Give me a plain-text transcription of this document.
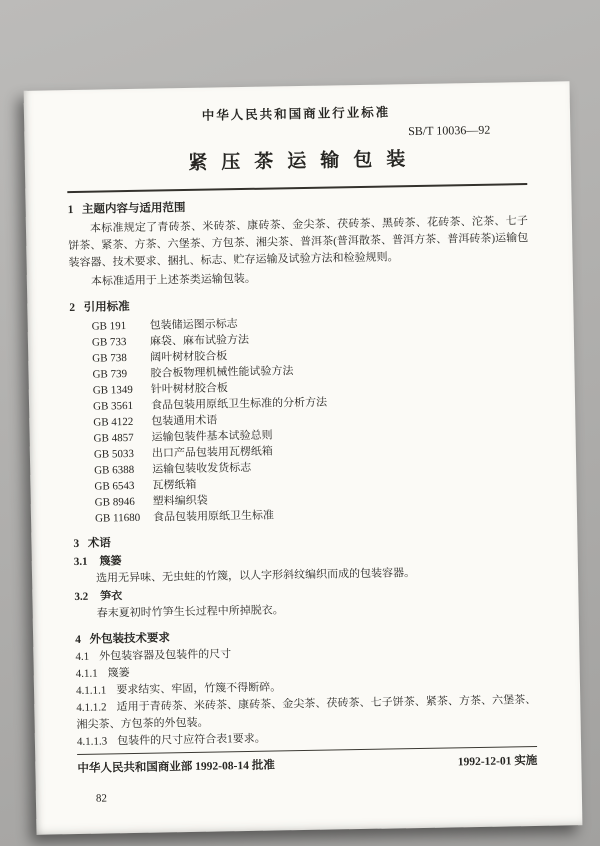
中华人民共和国商业行业标准
SB/T 10036—92
紧压茶运输包装
1   主题内容与适用范围

本标准规定了青砖茶、米砖茶、康砖茶、金尖茶、茯砖茶、黑砖茶、花砖茶、沱茶、七子饼茶、紧茶、方茶、六堡茶、方包茶、湘尖茶、普洱茶(普洱散茶、普洱方茶、普洱砖茶)运输包装容器、技术要求、捆扎、标志、贮存运输及试验方法和检验规则。

本标准适用于上述茶类运输包装。

2   引用标准
GB 191	包装储运图示标志
GB 733	麻袋、麻布试验方法
GB 738	阔叶树材胶合板
GB 739	胶合板物理机械性能试验方法
GB 1349	针叶树材胶合板
GB 3561	食品包装用原纸卫生标准的分析方法
GB 4122	包装通用术语
GB 4857	运输包装件基本试验总则
GB 5033	出口产品包装用瓦楞纸箱
GB 6388	运输包装收发货标志
GB 6543	瓦楞纸箱
GB 8946	塑料编织袋
GB 11680	食品包装用原纸卫生标准
3   术语
3.1 篾篓

选用无异味、无虫蛀的竹篾，以人字形斜纹编织而成的包装容器。

3.2 笋衣

春末夏初时竹笋生长过程中所掉脱衣。

4   外包装技术要求

4.1 外包装容器及包装件的尺寸

4.1.1 篾篓

4.1.1.1 要求结实、牢固，竹篾不得断碎。

4.1.1.2 适用于青砖茶、米砖茶、康砖茶、金尖茶、茯砖茶、七子饼茶、紧茶、方茶、六堡茶、湘尖茶、方包茶的外包装。

4.1.1.3 包装件的尺寸应符合表1要求。

中华人民共和国商业部 1992-08-14 批准	1992-12-01 实施
82
